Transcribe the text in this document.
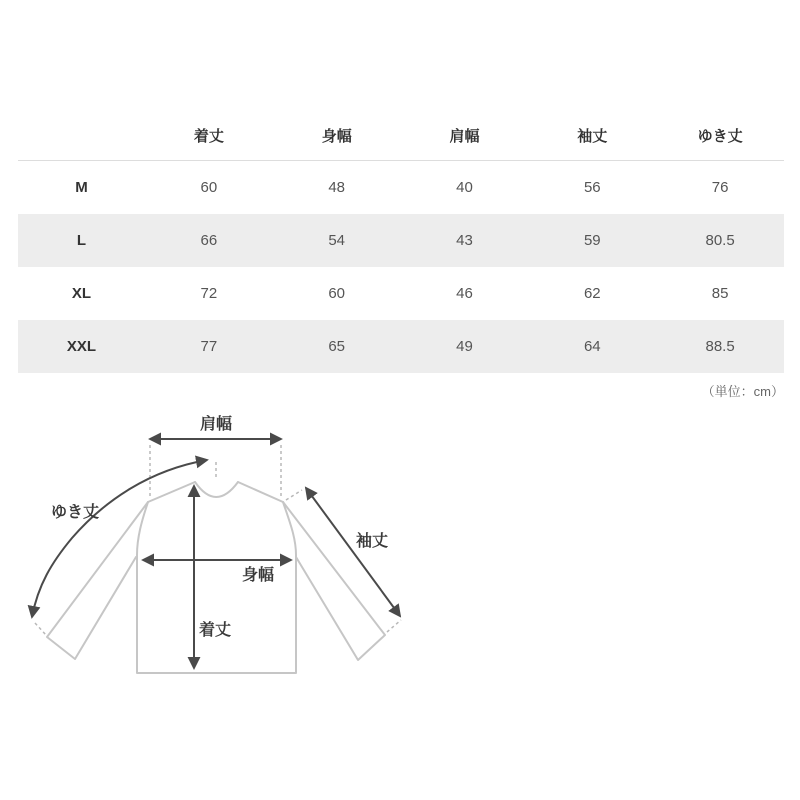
	着丈	身幅	肩幅	袖丈	ゆき丈
M	60	48	40	56	76
L	66	54	43	59	80.5
XL	72	60	46	62	85
XXL	77	65	49	64	88.5
（単位：cm）
肩幅
ゆき丈
袖丈
身幅
着丈
